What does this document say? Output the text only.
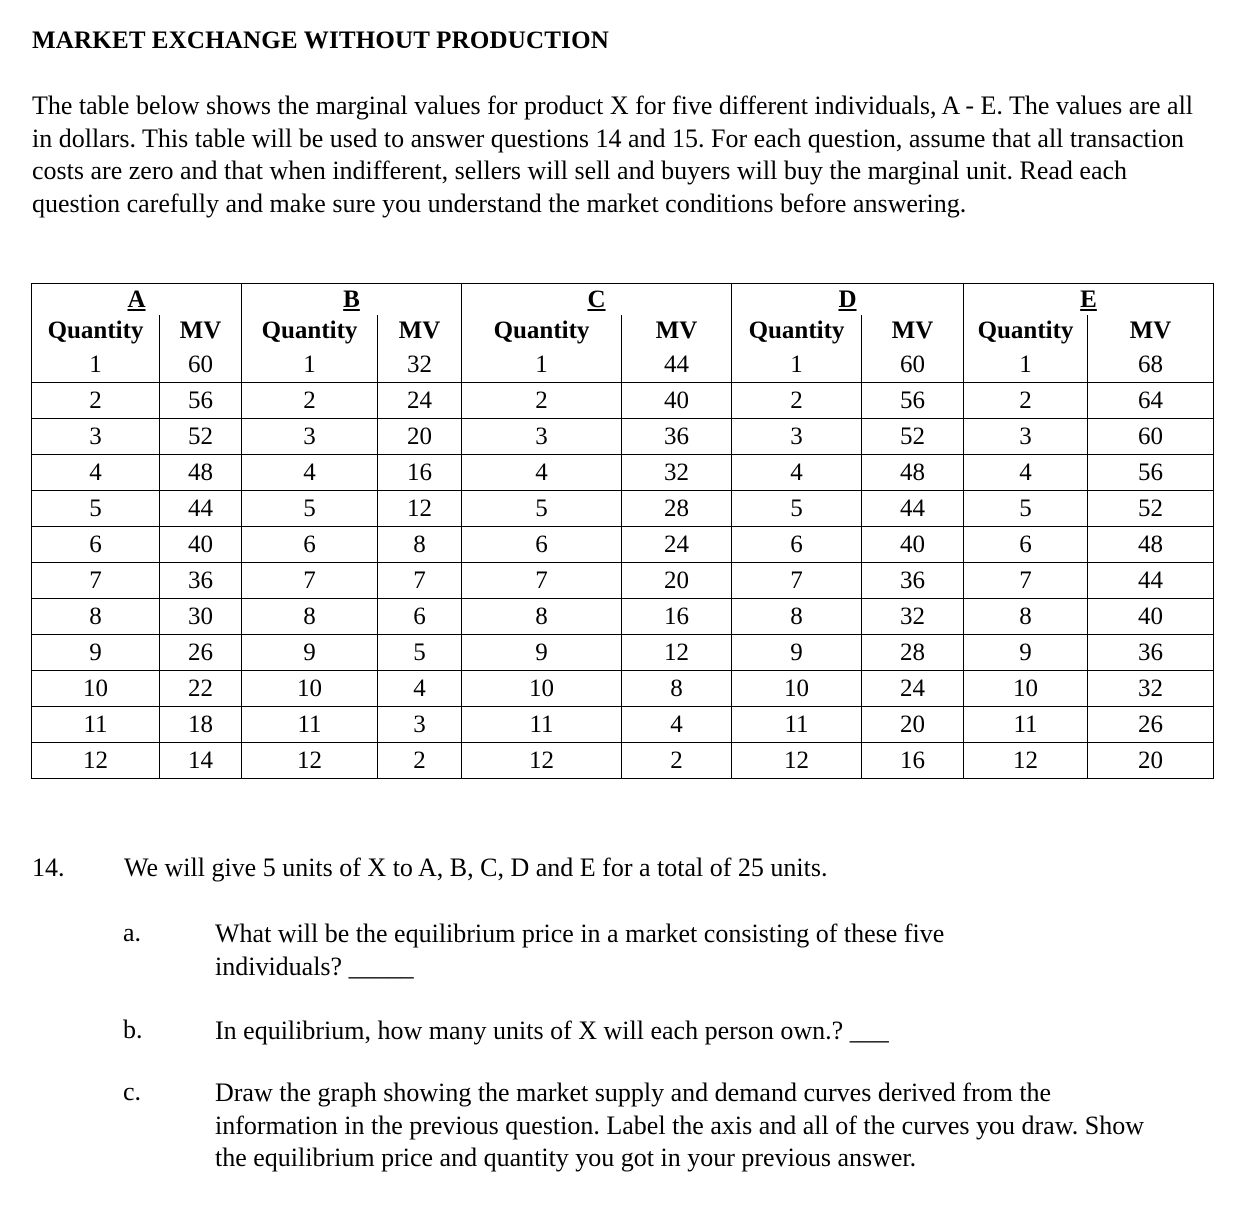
MARKET EXCHANGE WITHOUT PRODUCTION
The table below shows the marginal values for product X for five different individuals, A - E. The values are all in dollars. This table will be used to answer questions 14 and 15. For each question, assume that all transaction costs are zero and that when indifferent, sellers will sell and buyers will buy the marginal unit. Read each question carefully and make sure you understand the market conditions before answering.
A		B		C		D		E	
Quantity	MV	Quantity	MV	Quantity	MV	Quantity	MV	Quantity	MV
1	60	1	32	1	44	1	60	1	68
2	56	2	24	2	40	2	56	2	64
3	52	3	20	3	36	3	52	3	60
4	48	4	16	4	32	4	48	4	56
5	44	5	12	5	28	5	44	5	52
6	40	6	8	6	24	6	40	6	48
7	36	7	7	7	20	7	36	7	44
8	30	8	6	8	16	8	32	8	40
9	26	9	5	9	12	9	28	9	36
10	22	10	4	10	8	10	24	10	32
11	18	11	3	11	4	11	20	11	26
12	14	12	2	12	2	12	16	12	20
14. We will give 5 units of X to A, B, C, D and E for a total of 25 units.
a.	What will be the equilibrium price in a market consisting of these five individuals? _____
b.	In equilibrium, how many units of X will each person own.? ___
c.	Draw the graph showing the market supply and demand curves derived from the information in the previous question. Label the axis and all of the curves you draw. Show the equilibrium price and quantity you got in your previous answer.
